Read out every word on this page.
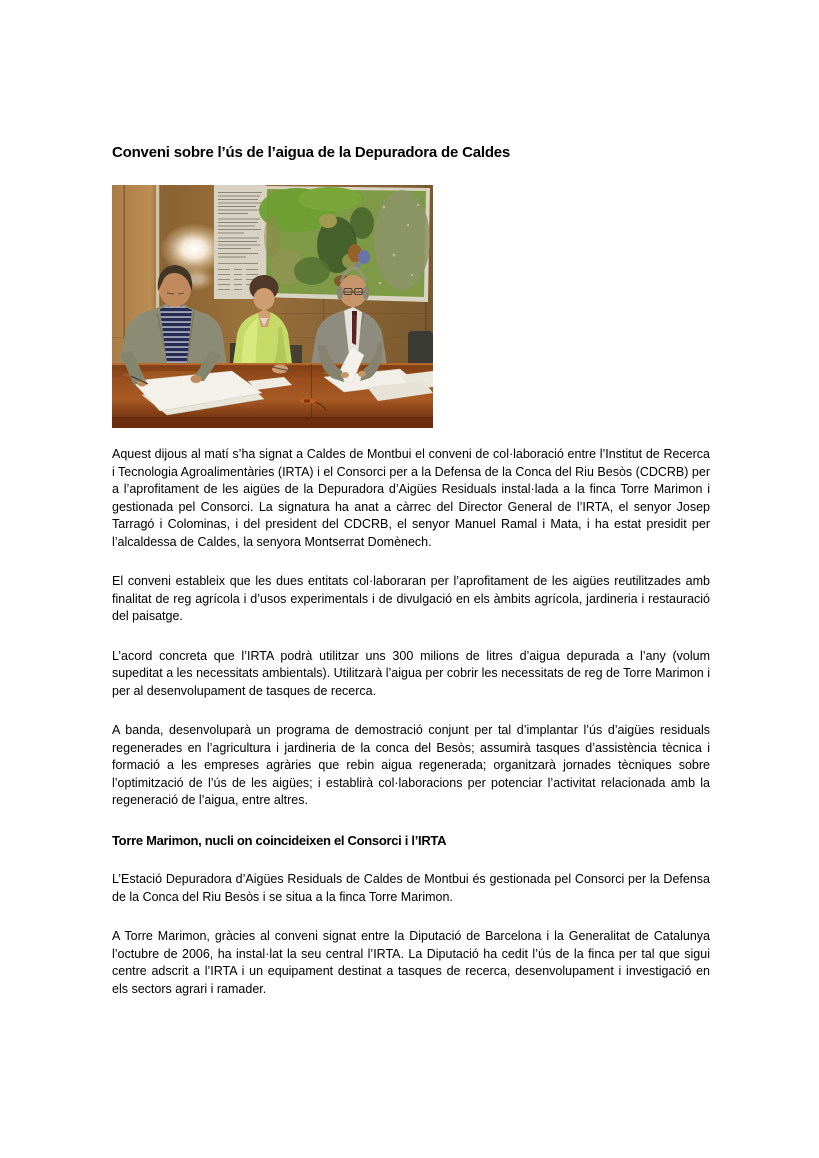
Conveni sobre l’ús de l’aigua de la Depuradora de Caldes

Aquest dijous al matí s’ha signat a Caldes de Montbui el conveni de col·laboració entre l’Institut de Recerca i Tecnologia Agroalimentàries (IRTA) i el Consorci per a la Defensa de la Conca del Riu Besòs (CDCRB) per a l’aprofitament de les aigües de la Depuradora d’Aigües Residuals instal·lada a la finca Torre Marimon i gestionada pel Consorci. La signatura ha anat a càrrec del Director General de l’IRTA, el senyor Josep Tarragó i Colominas, i del president del CDCRB, el senyor Manuel Ramal i Mata, i ha estat presidit per l’alcaldessa de Caldes, la senyora Montserrat Domènech.

El conveni estableix que les dues entitats col·laboraran per l’aprofitament de les aigües reutilitzades amb finalitat de reg agrícola i d’usos experimentals i de divulgació en els àmbits agrícola, jardineria i restauració del paisatge.

L’acord concreta que l’IRTA podrà utilitzar uns 300 milions de litres d’aigua depurada a l’any (volum supeditat a les necessitats ambientals). Utilitzarà l’aigua per cobrir les necessitats de reg de Torre Marimon i per al desenvolupament de tasques de recerca.

A banda, desenvoluparà un programa de demostració conjunt per tal d’implantar l’ús d’aigües residuals regenerades en l’agricultura i jardineria de la conca del Besòs; assumirà tasques d’assistència tècnica i formació a les empreses agràries que rebin aigua regenerada; organitzarà jornades tècniques sobre l’optimització de l’ús de les aigües; i establirà col·laboracions per potenciar l’activitat relacionada amb la regeneració de l’aigua, entre altres.

Torre Marimon, nucli on coincideixen el Consorci i l’IRTA

L’Estació Depuradora d’Aigües Residuals de Caldes de Montbui és gestionada pel Consorci per la Defensa de la Conca del Riu Besòs i se situa a la finca Torre Marimon.

A Torre Marimon, gràcies al conveni signat entre la Diputació de Barcelona i la Generalitat de Catalunya l’octubre de 2006, ha instal·lat la seu central l’IRTA. La Diputació ha cedit l’ús de la finca per tal que sigui centre adscrit a l’IRTA i un equipament destinat a tasques de recerca, desenvolupament i investigació en els sectors agrari i ramader.
